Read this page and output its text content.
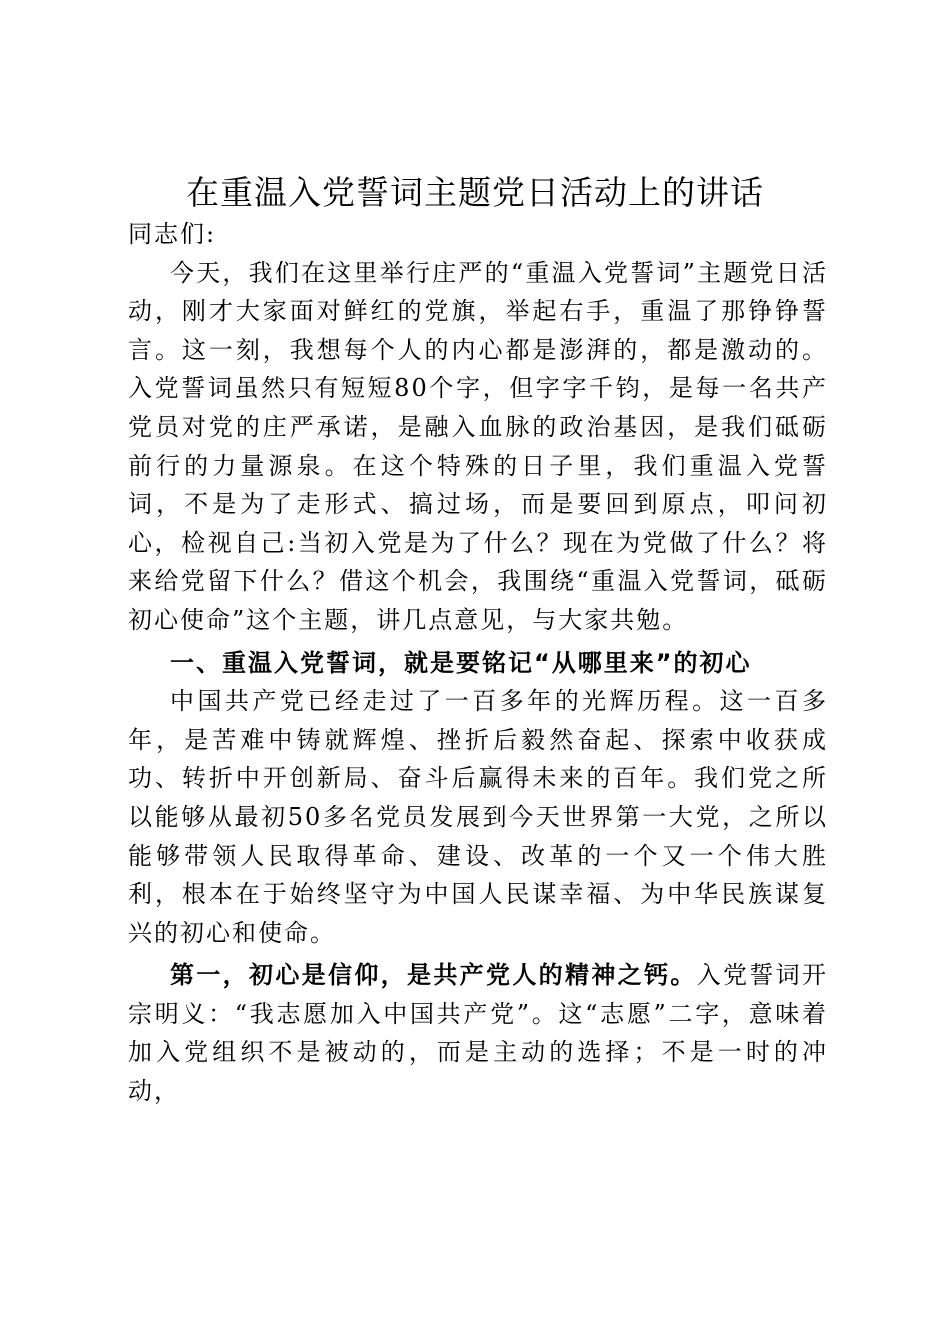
在重温入党誓词主题党日活动上的讲话

同志们:

今天，我们在这里举行庄严的“重温入党誓词”主题党日活动，刚才大家面对鲜红的党旗，举起右手，重温了那铮铮誓言。这一刻，我想每个人的内心都是澎湃的，都是激动的。入党誓词虽然只有短短80个字，但字字千钧，是每一名共产党员对党的庄严承诺，是融入血脉的政治基因，是我们砥砺前行的力量源泉。在这个特殊的日子里，我们重温入党誓词，不是为了走形式、搞过场，而是要回到原点，叩问初心，检视自己:当初入党是为了什么？现在为党做了什么？将来给党留下什么？借这个机会，我围绕“重温入党誓词，砥砺初心使命”这个主题，讲几点意见，与大家共勉。

一、重温入党誓词，就是要铭记“从哪里来”的初心

中国共产党已经走过了一百多年的光辉历程。这一百多年，是苦难中铸就辉煌、挫折后毅然奋起、探索中收获成功、转折中开创新局、奋斗后赢得未来的百年。我们党之所以能够从最初50多名党员发展到今天世界第一大党，之所以能够带领人民取得革命、建设、改革的一个又一个伟大胜利，根本在于始终坚守为中国人民谋幸福、为中华民族谋复兴的初心和使命。

第一，初心是信仰，是共产党人的精神之钙。入党誓词开宗明义：“我志愿加入中国共产党”。这“志愿”二字，意味着加入党组织不是被动的，而是主动的选择；不是一时的冲动，
